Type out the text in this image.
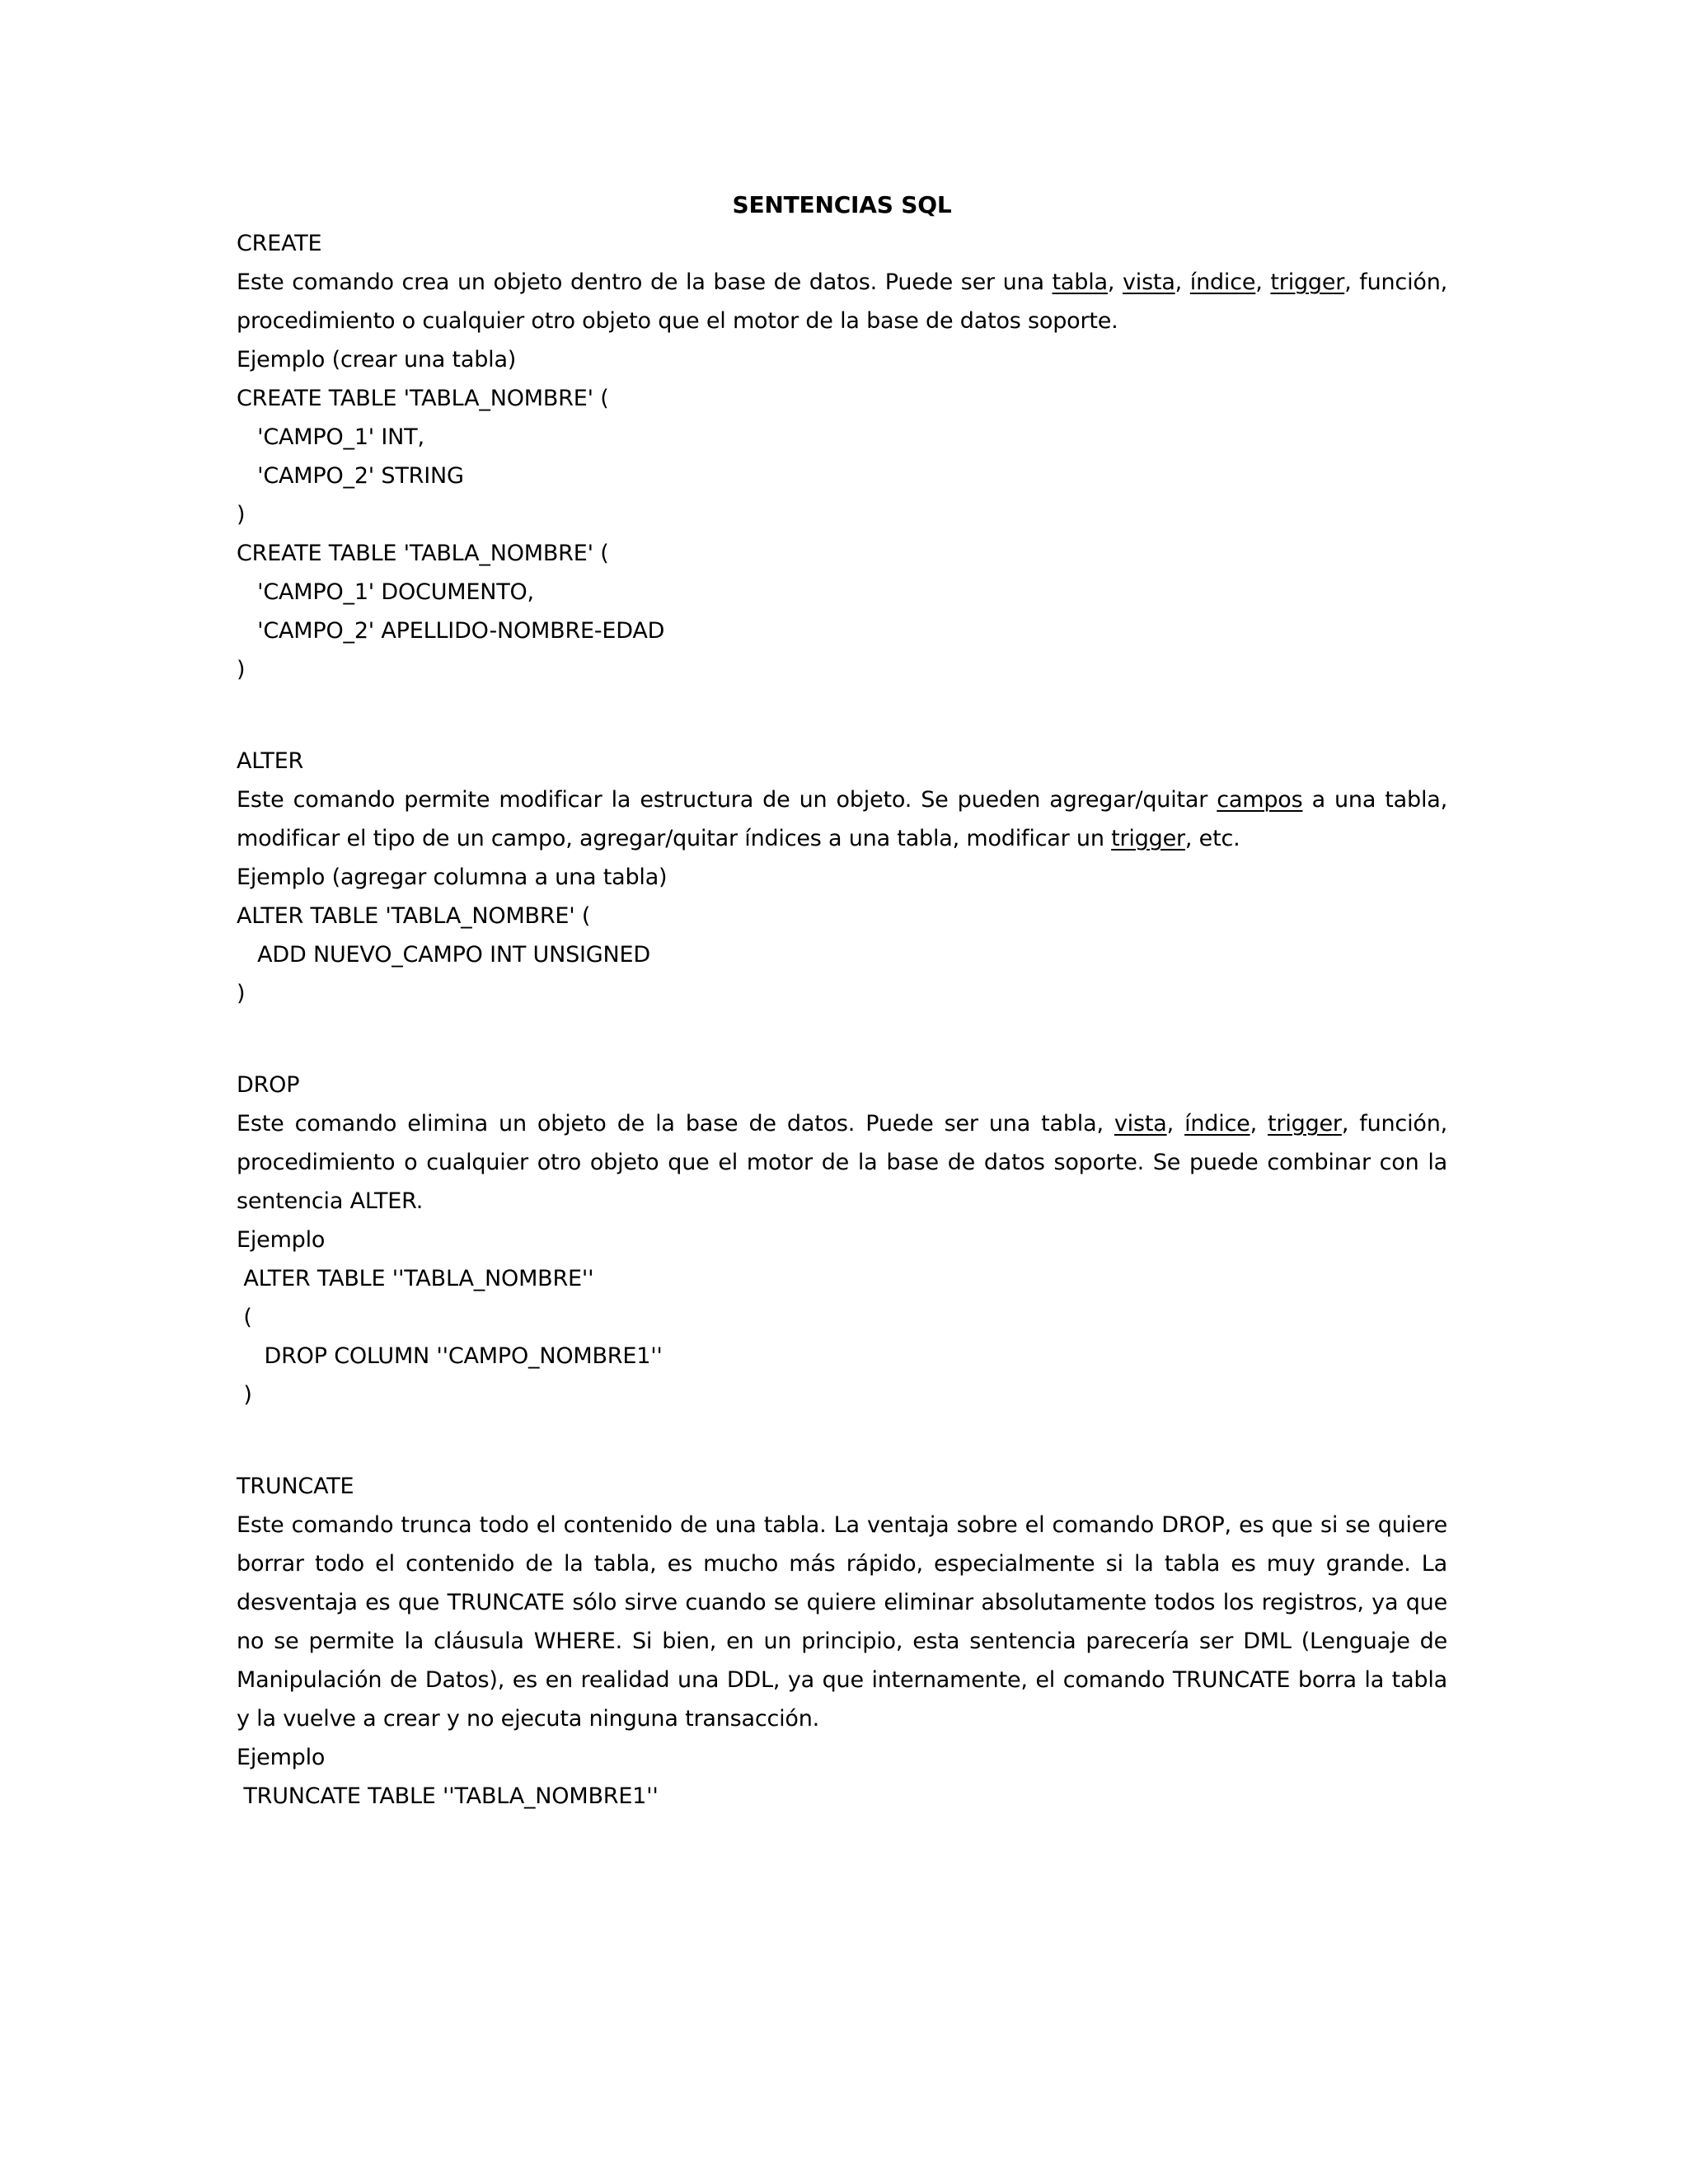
SENTENCIAS SQL
CREATE
Este comando crea un objeto dentro de la base de datos. Puede ser una tabla, vista, índice, trigger, función,
procedimiento o cualquier otro objeto que el motor de la base de datos soporte.
Ejemplo (crear una tabla)
CREATE TABLE 'TABLA_NOMBRE' (
'CAMPO_1' INT,
'CAMPO_2' STRING
)
CREATE TABLE 'TABLA_NOMBRE' (
'CAMPO_1' DOCUMENTO,
'CAMPO_2' APELLIDO-NOMBRE-EDAD
)
ALTER
Este comando permite modificar la estructura de un objeto. Se pueden agregar/quitar campos a una tabla,
modificar el tipo de un campo, agregar/quitar índices a una tabla, modificar un trigger, etc.
Ejemplo (agregar columna a una tabla)
ALTER TABLE 'TABLA_NOMBRE' (
ADD NUEVO_CAMPO INT UNSIGNED
)
DROP
Este comando elimina un objeto de la base de datos. Puede ser una tabla, vista, índice, trigger, función,
procedimiento o cualquier otro objeto que el motor de la base de datos soporte. Se puede combinar con la
sentencia ALTER.
Ejemplo
ALTER TABLE ''TABLA_NOMBRE''
(
DROP COLUMN ''CAMPO_NOMBRE1''
)
TRUNCATE
Este comando trunca todo el contenido de una tabla. La ventaja sobre el comando DROP, es que si se quiere
borrar todo el contenido de la tabla, es mucho más rápido, especialmente si la tabla es muy grande. La
desventaja es que TRUNCATE sólo sirve cuando se quiere eliminar absolutamente todos los registros, ya que
no se permite la cláusula WHERE. Si bien, en un principio, esta sentencia parecería ser DML (Lenguaje de
Manipulación de Datos), es en realidad una DDL, ya que internamente, el comando TRUNCATE borra la tabla
y la vuelve a crear y no ejecuta ninguna transacción.
Ejemplo
TRUNCATE TABLE ''TABLA_NOMBRE1''
